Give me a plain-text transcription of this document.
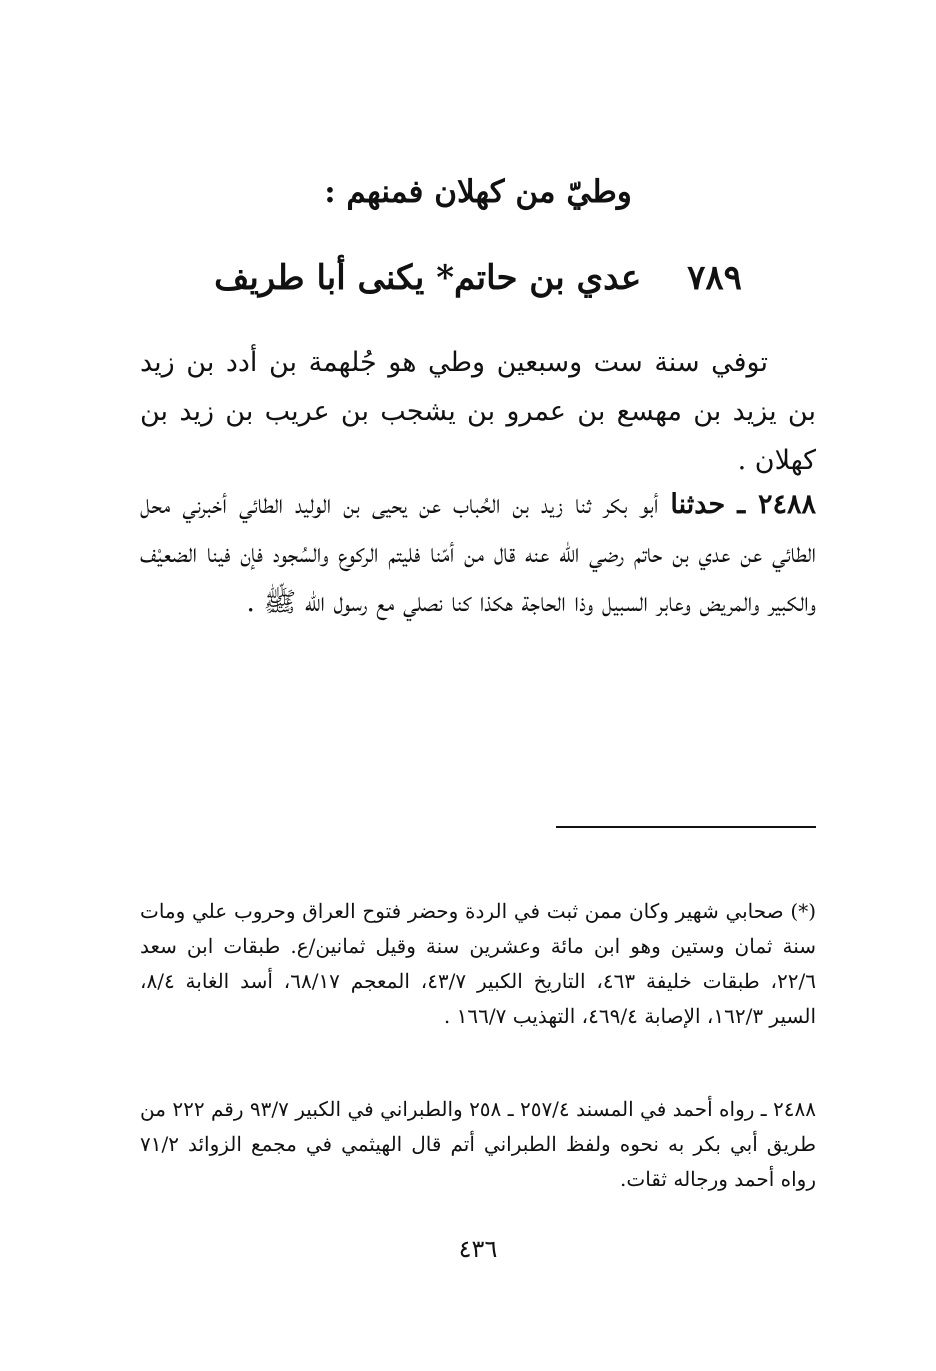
وطيّ من كهلان فمنهم :
٧٨٩ عدي بن حاتم* يكنى أبا طريف

توفي سنة ست وسبعين وطي هو جُلهمة بن أدد بن زيد بن يزيد بن مهسع بن عمرو بن يشجب بن عريب بن زيد بن كهلان .

٢٤٨٨ ـ حدثنا أبو بكر ثنا زيد بن الحُباب عن يحيى بن الوليد الطائي أخبرني محل الطائي عن عدي بن حاتم رضي الله عنه قال من أمّنا فليتم الركوع والسُجود فإن فينا الضعيْف والكبير والمريض وعابر السبيل وذا الحاجة هكذا كنا نصلي مع رسول الله ﷺ .

(*) صحابي شهير وكان ممن ثبت في الردة وحضر فتوح العراق وحروب علي ومات سنة ثمان وستين وهو ابن مائة وعشرين سنة وقيل ثمانين/ع. طبقات ابن سعد ٢٢/٦، طبقات خليفة ٤٦٣، التاريخ الكبير ٤٣/٧، المعجم ٦٨/١٧، أسد الغابة ٨/٤، السير ١٦٢/٣، الإصابة ٤٦٩/٤، التهذيب ١٦٦/٧ .

٢٤٨٨ ـ رواه أحمد في المسند ٢٥٧/٤ ـ ٢٥٨ والطبراني في الكبير ٩٣/٧ رقم ٢٢٢ من طريق أبي بكر به نحوه ولفظ الطبراني أتم قال الهيثمي في مجمع الزوائد ٧١/٢ رواه أحمد ورجاله ثقات.

٤٣٦
